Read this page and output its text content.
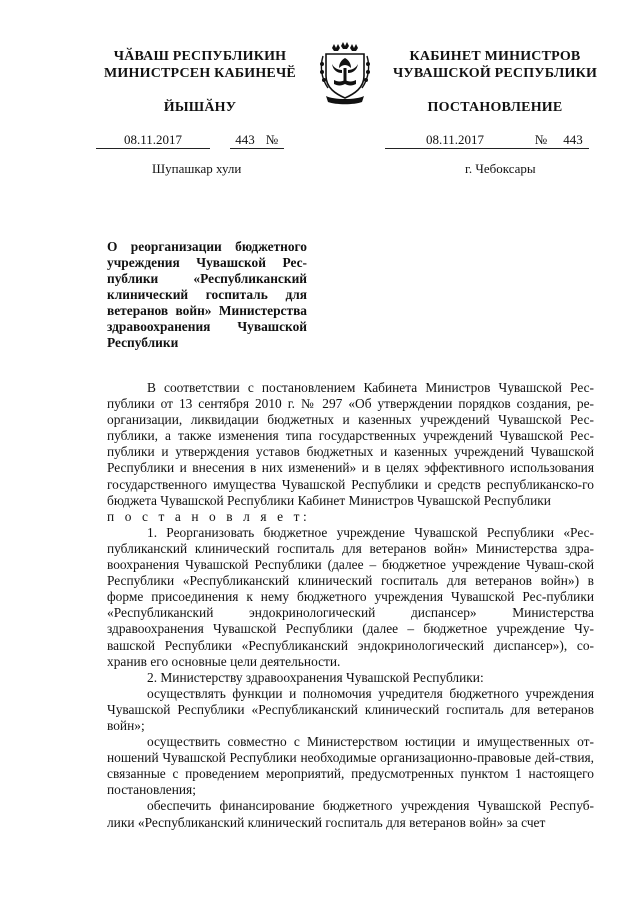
ЧӐВАШ РЕСПУБЛИКИН
МИНИСТРСЕН КАБИНЕЧӖ
ЙЫШӐНУ
КАБИНЕТ МИНИСТРОВ
ЧУВАШСКОЙ РЕСПУБЛИКИ
ПОСТАНОВЛЕНИЕ
08.11.2017	443 №	08.11.2017	№ 443
Шупашкар хули	г. Чебоксары
О реорганизации бюджетного учреждения Чувашской Рес-публики «Республиканский клинический госпиталь для ветеранов войн» Министерства здравоохранения Чувашской Республики

В соответствии с постановлением Кабинета Министров Чувашской Рес-публики от 13 сентября 2010 г. № 297 «Об утверждении порядков создания, ре-организации, ликвидации бюджетных и казенных учреждений Чувашской Рес-публики, а также изменения типа государственных учреждений Чувашской Рес-публики и утверждения уставов бюджетных и казенных учреждений Чувашской Республики и внесения в них изменений» и в целях эффективного использования государственного имущества Чувашской Республики и средств республиканско-го бюджета Чувашской Республики Кабинет Министров Чувашской Республики

п о с т а н о в л я е т:

1. Реорганизовать бюджетное учреждение Чувашской Республики «Рес-публиканский клинический госпиталь для ветеранов войн» Министерства здра-воохранения Чувашской Республики (далее – бюджетное учреждение Чуваш-ской Республики «Республиканский клинический госпиталь для ветеранов войн») в форме присоединения к нему бюджетного учреждения Чувашской Рес-публики «Республиканский эндокринологический диспансер» Министерства здравоохранения Чувашской Республики (далее – бюджетное учреждение Чу-вашской Республики «Республиканский эндокринологический диспансер»), со-хранив его основные цели деятельности.

2. Министерству здравоохранения Чувашской Республики:

осуществлять функции и полномочия учредителя бюджетного учреждения Чувашской Республики «Республиканский клинический госпиталь для ветеранов войн»;

осуществить совместно с Министерством юстиции и имущественных от-ношений Чувашской Республики необходимые организационно-правовые дей-ствия, связанные с проведением мероприятий, предусмотренных пунктом 1 настоящего постановления;

обеспечить финансирование бюджетного учреждения Чувашской Респуб-лики «Республиканский клинический госпиталь для ветеранов войн» за счет
